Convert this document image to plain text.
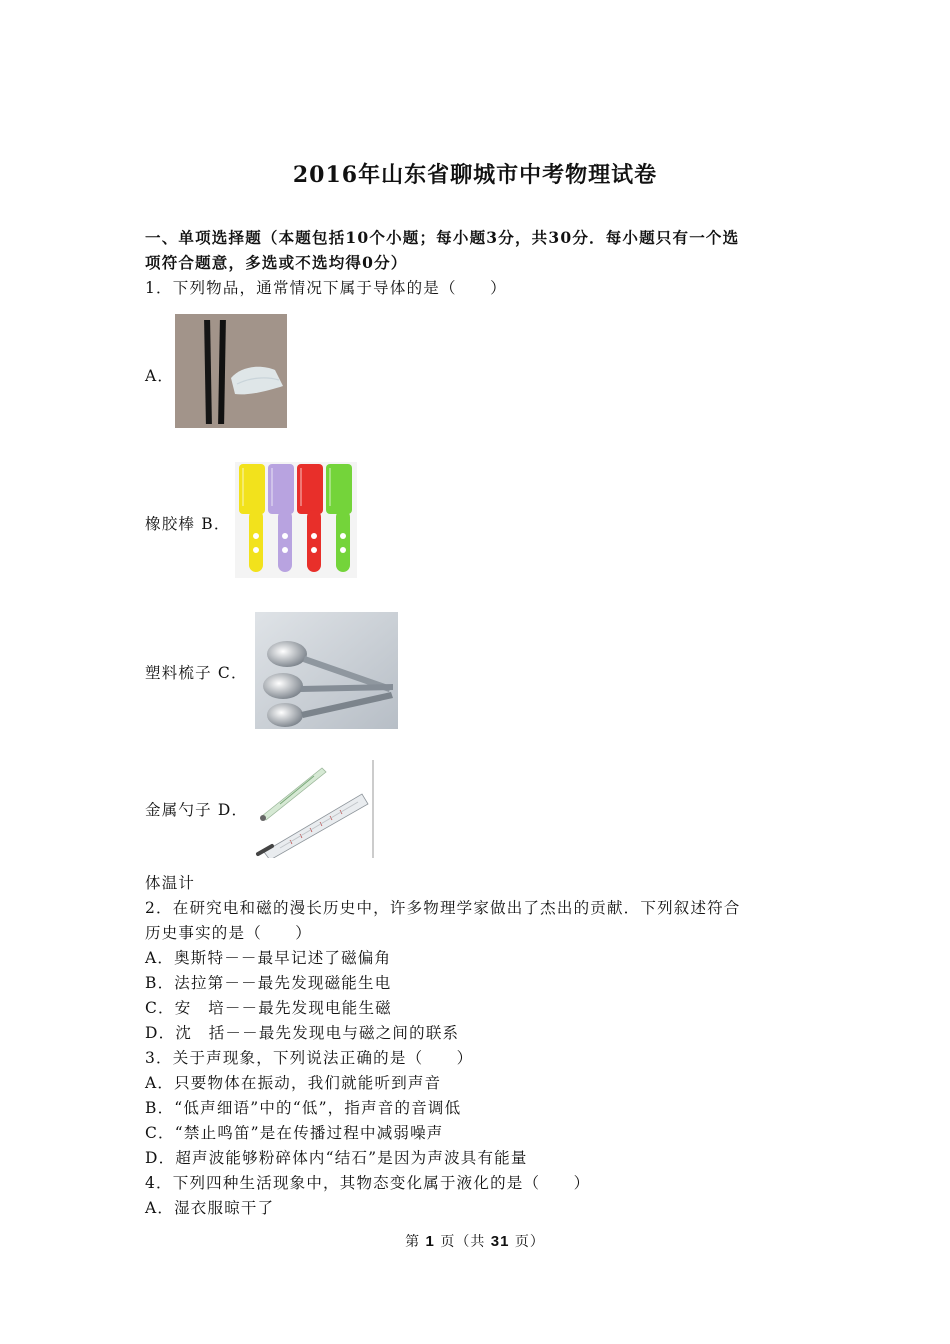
2016年山东省聊城市中考物理试卷
一、单项选择题（本题包括10个小题；每小题3分，共30分．每小题只有一个选
项符合题意，多选或不选均得0分）
1．下列物品，通常情况下属于导体的是（　　）
A．
橡胶棒 B．
塑料梳子 C．
金属勺子 D．
体温计
2．在研究电和磁的漫长历史中，许多物理学家做出了杰出的贡献．下列叙述符合
历史事实的是（　　）
A．奥斯特－－最早记述了磁偏角
B．法拉第－－最先发现磁能生电
C．安　培－－最先发现电能生磁
D．沈　括－－最先发现电与磁之间的联系
3．关于声现象，下列说法正确的是（　　）
A．只要物体在振动，我们就能听到声音
B．“低声细语”中的“低”，指声音的音调低
C．“禁止鸣笛”是在传播过程中减弱噪声
D．超声波能够粉碎体内“结石”是因为声波具有能量
4．下列四种生活现象中，其物态变化属于液化的是（　　）
A．湿衣服晾干了
第 1 页（共 31 页）
